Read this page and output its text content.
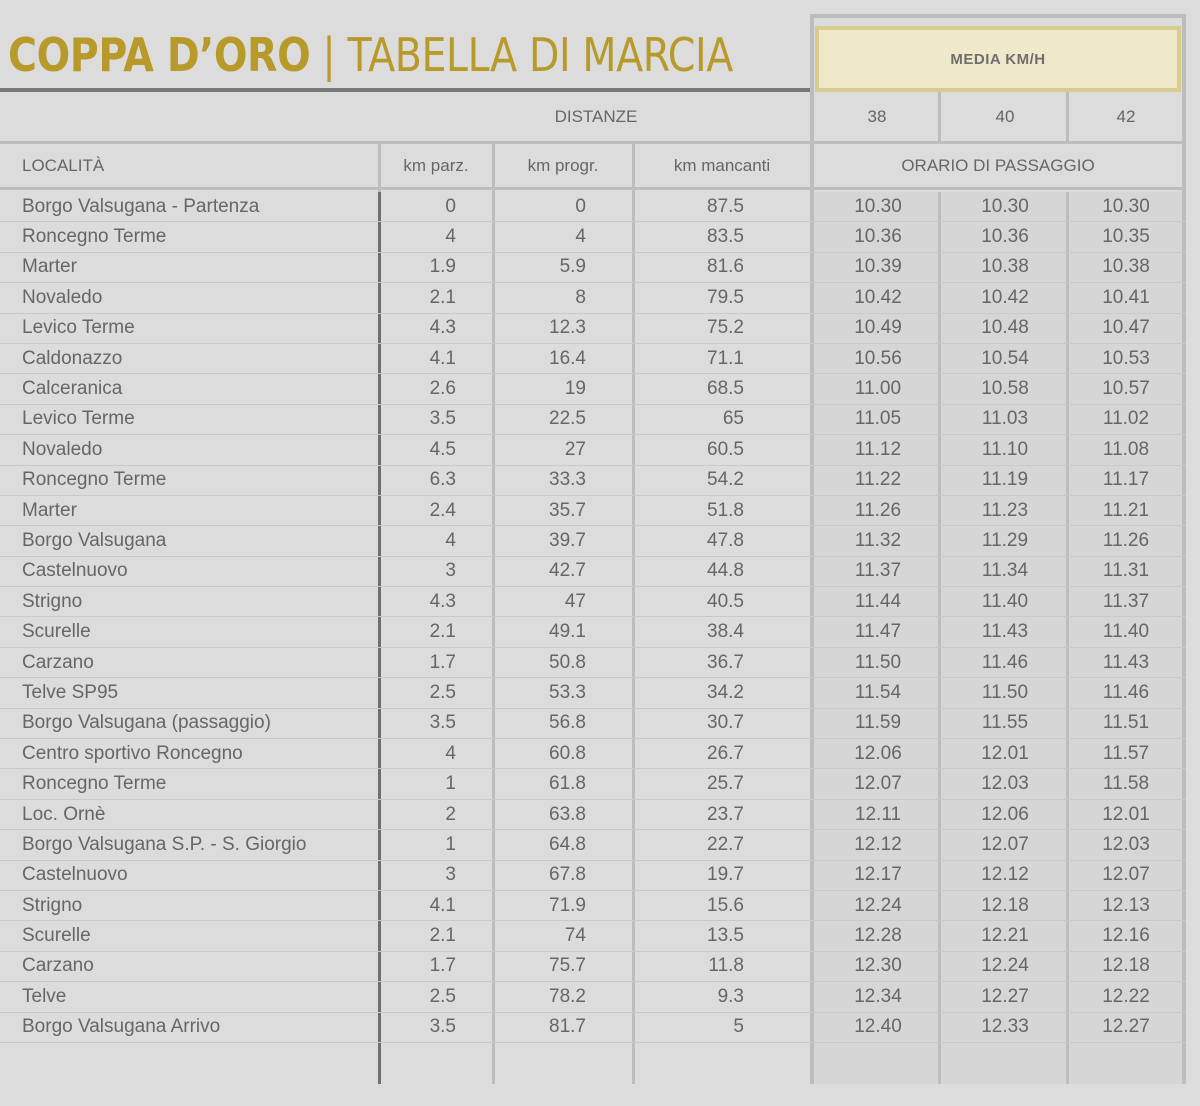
COPPA D’ORO | TABELLA DI MARCIA	MEDIA KM/H
DISTANZE	38	40	42
LOCALITÀ	km parz.	km progr.	km mancanti	ORARIO DI PASSAGGIO
Borgo Valsugana - Partenza	0	0	87.5	10.30	10.30	10.30
Roncegno Terme	4	4	83.5	10.36	10.36	10.35
Marter	1.9	5.9	81.6	10.39	10.38	10.38
Novaledo	2.1	8	79.5	10.42	10.42	10.41
Levico Terme	4.3	12.3	75.2	10.49	10.48	10.47
Caldonazzo	4.1	16.4	71.1	10.56	10.54	10.53
Calceranica	2.6	19	68.5	11.00	10.58	10.57
Levico Terme	3.5	22.5	65	11.05	11.03	11.02
Novaledo	4.5	27	60.5	11.12	11.10	11.08
Roncegno Terme	6.3	33.3	54.2	11.22	11.19	11.17
Marter	2.4	35.7	51.8	11.26	11.23	11.21
Borgo Valsugana	4	39.7	47.8	11.32	11.29	11.26
Castelnuovo	3	42.7	44.8	11.37	11.34	11.31
Strigno	4.3	47	40.5	11.44	11.40	11.37
Scurelle	2.1	49.1	38.4	11.47	11.43	11.40
Carzano	1.7	50.8	36.7	11.50	11.46	11.43
Telve SP95	2.5	53.3	34.2	11.54	11.50	11.46
Borgo Valsugana (passaggio)	3.5	56.8	30.7	11.59	11.55	11.51
Centro sportivo Roncegno	4	60.8	26.7	12.06	12.01	11.57
Roncegno Terme	1	61.8	25.7	12.07	12.03	11.58
Loc. Ornè	2	63.8	23.7	12.11	12.06	12.01
Borgo Valsugana S.P. - S. Giorgio	1	64.8	22.7	12.12	12.07	12.03
Castelnuovo	3	67.8	19.7	12.17	12.12	12.07
Strigno	4.1	71.9	15.6	12.24	12.18	12.13
Scurelle	2.1	74	13.5	12.28	12.21	12.16
Carzano	1.7	75.7	11.8	12.30	12.24	12.18
Telve	2.5	78.2	9.3	12.34	12.27	12.22
Borgo Valsugana Arrivo	3.5	81.7	5	12.40	12.33	12.27
